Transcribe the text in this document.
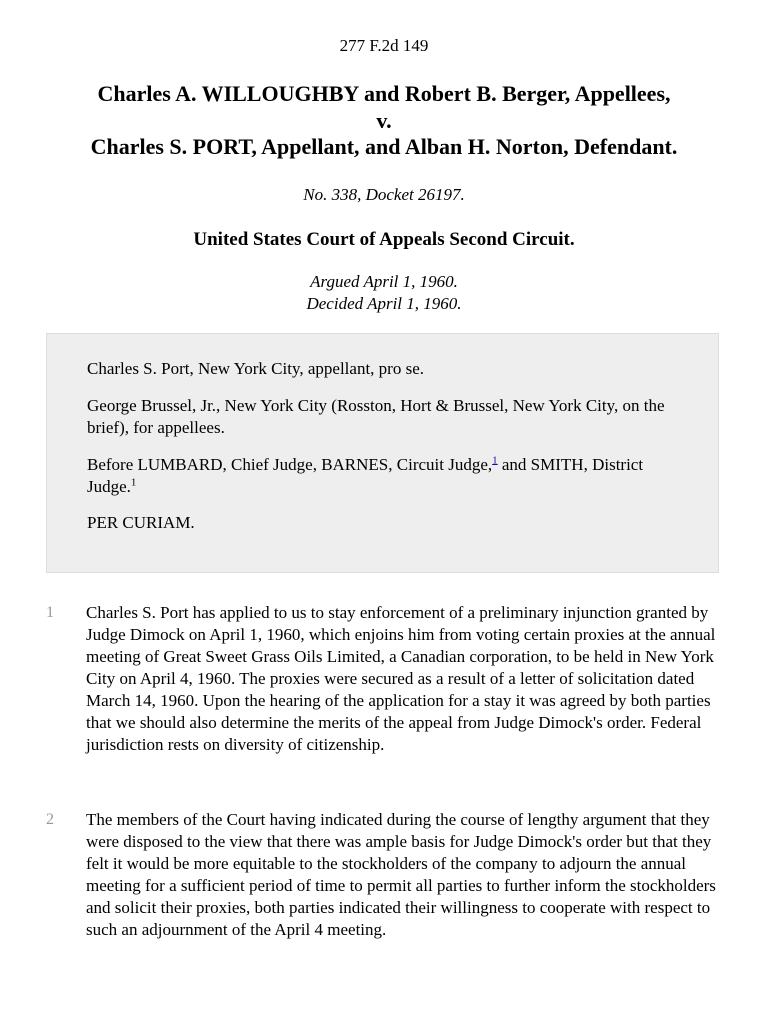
277 F.2d 149
Charles A. WILLOUGHBY and Robert B. Berger, Appellees,
v.
Charles S. PORT, Appellant, and Alban H. Norton, Defendant.
No. 338, Docket 26197.
United States Court of Appeals Second Circuit.
Argued April 1, 1960.
Decided April 1, 1960.

Charles S. Port, New York City, appellant, pro se.

George Brussel, Jr., New York City (Rosston, Hort & Brussel, New York City, on the brief), for appellees.

Before LUMBARD, Chief Judge, BARNES, Circuit Judge,$^1$ and SMITH, District Judge.$^1$

PER CURIAM.

1 Charles S. Port has applied to us to stay enforcement of a preliminary injunction granted by Judge Dimock on April 1, 1960, which enjoins him from voting certain proxies at the annual meeting of Great Sweet Grass Oils Limited, a Canadian corporation, to be held in New York City on April 4, 1960. The proxies were secured as a result of a letter of solicitation dated March 14, 1960. Upon the hearing of the application for a stay it was agreed by both parties that we should also determine the merits of the appeal from Judge Dimock's order. Federal jurisdiction rests on diversity of citizenship.

2 The members of the Court having indicated during the course of lengthy argument that they were disposed to the view that there was ample basis for Judge Dimock's order but that they felt it would be more equitable to the stockholders of the company to adjourn the annual meeting for a sufficient period of time to permit all parties to further inform the stockholders and solicit their proxies, both parties indicated their willingness to cooperate with respect to such an adjournment of the April 4 meeting.
